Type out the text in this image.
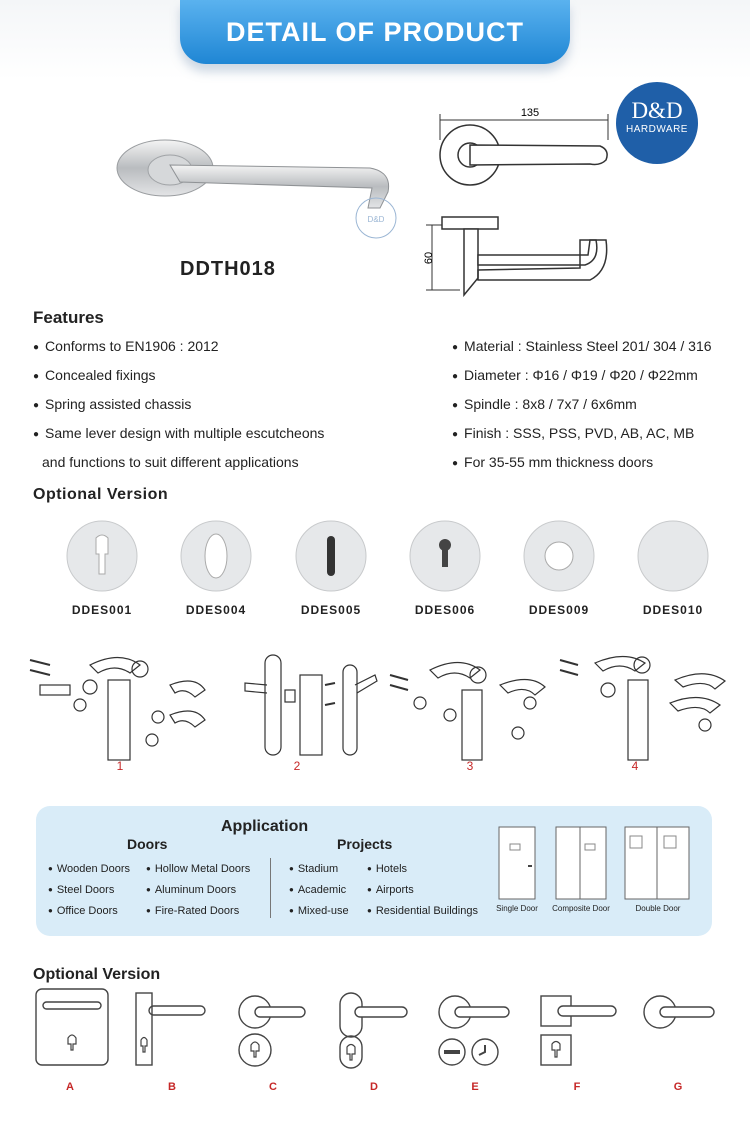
DETAIL OF PRODUCT
D&D
HARDWARE
D&D
DDTH018
135
60
Features
● Conforms to EN1906 : 2012
● Concealed fixings
● Spring assisted chassis
● Same lever design with multiple escutcheons
and functions to suit different applications
● Material : Stainless Steel 201/ 304 / 316
● Diameter : Φ16 / Φ19 / Φ20 / Φ22mm
● Spindle : 8x8 / 7x7 / 6x6mm
● Finish : SSS, PSS, PVD, AB, AC, MB
● For 35-55 mm thickness doors
Optional Version
DDES001	DDES004	DDES005	DDES006	DDES009	DDES010
1	2	3	4
Application
Doors	Projects
● Wooden Doors
● Steel Doors
● Office Doors
● Hollow Metal Doors
● Aluminum Doors
● Fire-Rated Doors
● Stadium
● Academic
● Mixed-use
● Hotels
● Airports
● Residential Buildings	Single Door	Composite Door	Double Door
Optional Version
A	B	C	D	E	F	G
